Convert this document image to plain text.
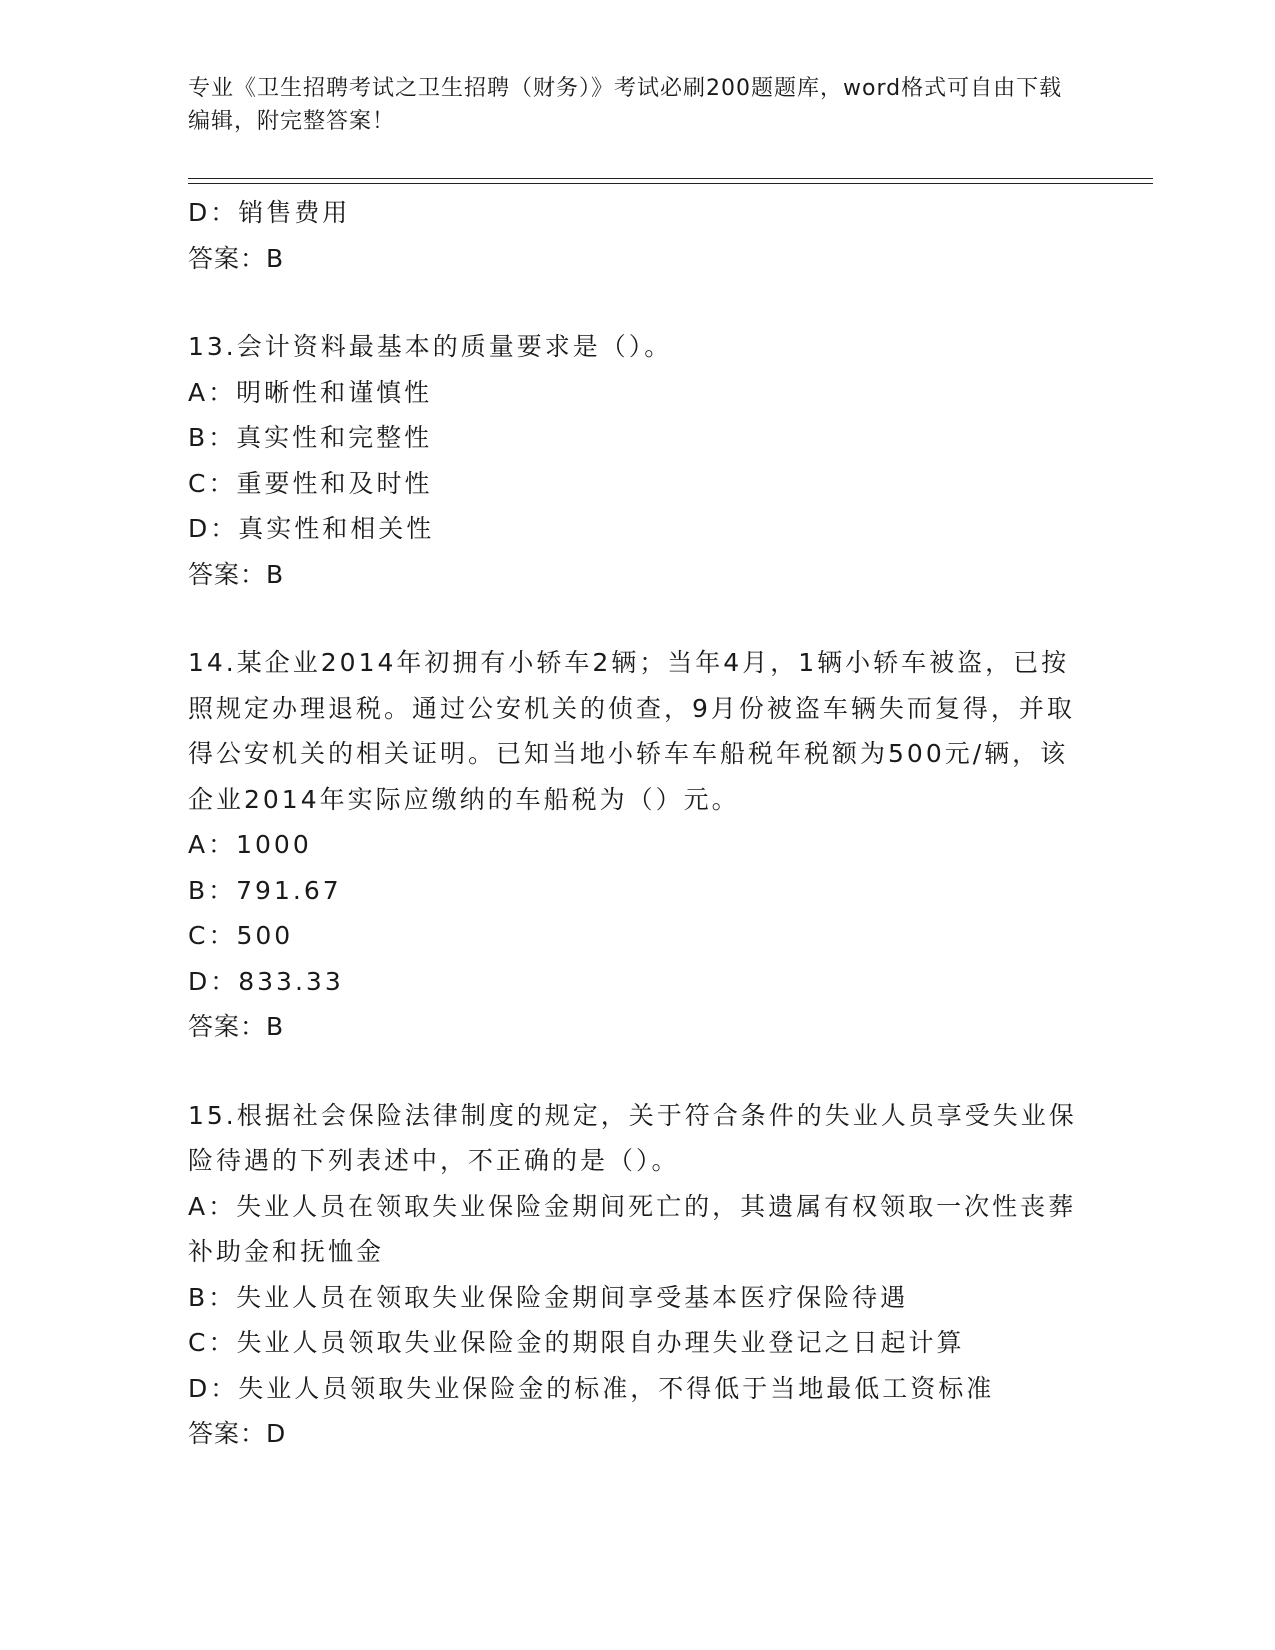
专业《卫生招聘考试之卫生招聘（财务）》考试必刷200题题库，word格式可自由下载编辑，附完整答案！
D：销售费用
答案：B
13.会计资料最基本的质量要求是（）。
A：明晰性和谨慎性
B：真实性和完整性
C：重要性和及时性
D：真实性和相关性
答案：B
14.某企业2014年初拥有小轿车2辆；当年4月，1辆小轿车被盗，已按照规定办理退税。通过公安机关的侦查，9月份被盗车辆失而复得，并取得公安机关的相关证明。已知当地小轿车车船税年税额为500元/辆，该企业2014年实际应缴纳的车船税为（）元。
A：1000
B：791.67
C：500
D：833.33
答案：B
15.根据社会保险法律制度的规定，关于符合条件的失业人员享受失业保险待遇的下列表述中，不正确的是（）。
A：失业人员在领取失业保险金期间死亡的，其遗属有权领取一次性丧葬补助金和抚恤金
B：失业人员在领取失业保险金期间享受基本医疗保险待遇
C：失业人员领取失业保险金的期限自办理失业登记之日起计算
D：失业人员领取失业保险金的标准，不得低于当地最低工资标准
答案：D
